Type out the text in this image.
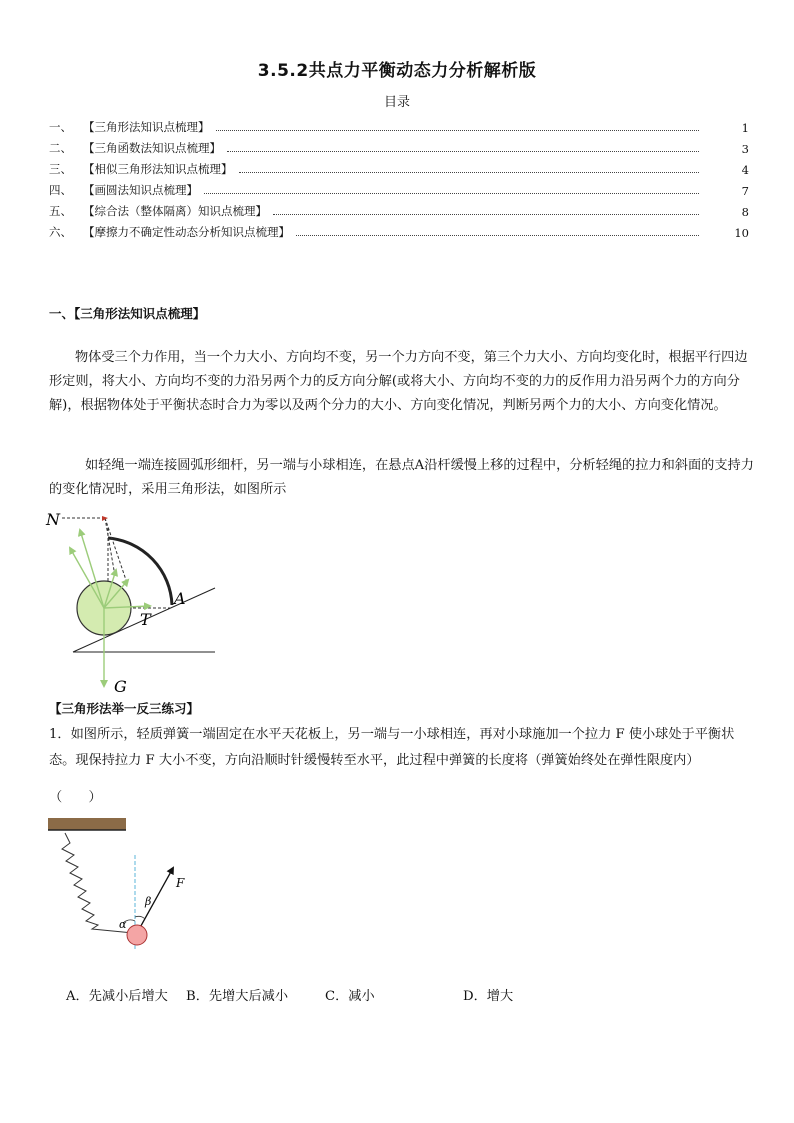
3.5.2共点力平衡动态力分析解析版
目录
一、 【三角形法知识点梳理】	1
二、 【三角函数法知识点梳理】	3
三、 【相似三角形法知识点梳理】	4
四、 【画圆法知识点梳理】	7
五、 【综合法（整体隔离）知识点梳理】	8
六、 【摩擦力不确定性动态分析知识点梳理】	10
一、【三角形法知识点梳理】

物体受三个力作用，当一个力大小、方向均不变，另一个力方向不变，第三个力大小、方向均变化时，根据平行四边形定则，将大小、方向均不变的力沿另两个力的反方向分解(或将大小、方向均不变的力的反作用力沿另两个力的方向分解)，根据物体处于平衡状态时合力为零以及两个分力的大小、方向变化情况，判断另两个力的大小、方向变化情况。

如轻绳一端连接圆弧形细杆，另一端与小球相连，在悬点A沿杆缓慢上移的过程中，分析轻绳的拉力和斜面的支持力的变化情况时，采用三角形法，如图所示

N
A
T
G
【三角形法举一反三练习】

1．如图所示，轻质弹簧一端固定在水平天花板上，另一端与一小球相连，再对小球施加一个拉力 F 使小球处于平衡状态。现保持拉力 F 大小不变，方向沿顺时针缓慢转至水平，此过程中弹簧的长度将（弹簧始终处在弹性限度内）

（　　）
F
α
β
A．先减小后增大 B．先增大后减小	C．减小	D．增大
